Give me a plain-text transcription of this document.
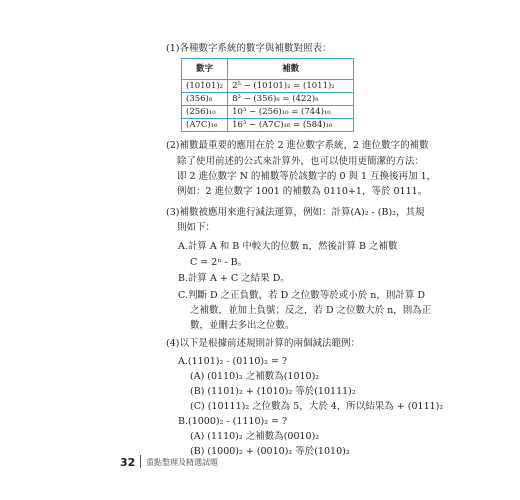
(1)各種數字系統的數字與補數對照表：
數字	補數
(10101)₂	2⁵ − (10101)₂ = (1011)₂
(356)₈	8³ − (356)₈ = (422)₈
(256)₁₀	10³ − (256)₁₀ = (744)₁₀
(A7C)₁₆	16³ − (A7C)₁₆ = (584)₁₆
(2)補數最重要的應用在於 2 進位數字系統，2 進位數字的補數
除了使用前述的公式來計算外，也可以使用更簡潔的方法：
即 2 進位數字 N 的補數等於該數字的 0 與 1 互換後再加 1，
例如：2 進位數字 1001 的補數為 0110+1，等於 0111。
(3)補數被應用來進行減法運算，例如：計算(A)₂ - (B)₂，其規
則如下：
A.計算 A 和 B 中較大的位數 n，然後計算 B 之補數
C = 2ⁿ - B。
B.計算 A + C 之結果 D。
C.判斷 D 之正負數，若 D 之位數等於或小於 n，則計算 D
之補數，並加上負號；反之，若 D 之位數大於 n，則為正
數，並刪去多出之位數。
(4)以下是根據前述規則計算的兩個減法範例：
A.(1101)₂ - (0110)₂ = ?
(A) (0110)₂ 之補數為(1010)₂
(B) (1101)₂ + (1010)₂ 等於(10111)₂
(C) (10111)₂ 之位數為 5，大於 4，所以結果為 + (0111)₂
B.(1000)₂ - (1110)₂ = ?
(A) (1110)₂ 之補數為(0010)₂
(B) (1000)₂ + (0010)₂ 等於(1010)₂
32 重點整理及精選試題
